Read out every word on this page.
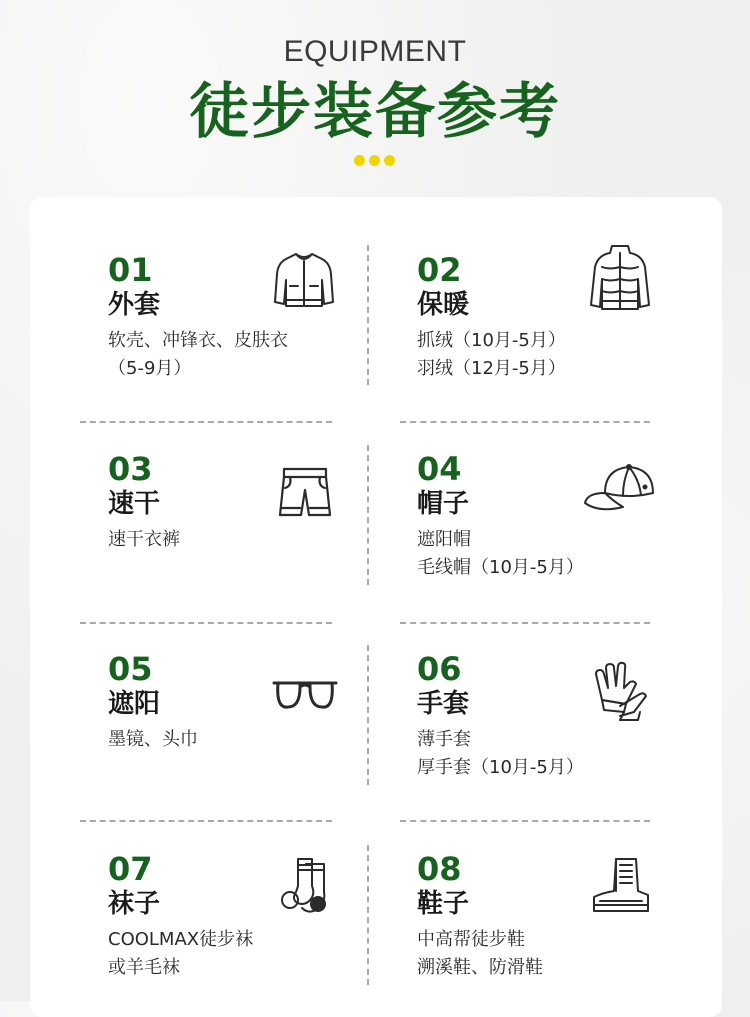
EQUIPMENT
徒步装备参考
01
外套
软壳、冲锋衣、皮肤衣
（5-9月）
02
保暖
抓绒（10月-5月）
羽绒（12月-5月）
03
速干
速干衣裤
04
帽子
遮阳帽
毛线帽（10月-5月）
05
遮阳
墨镜、头巾
06
手套
薄手套
厚手套（10月-5月）
07
袜子
COOLMAX徒步袜
或羊毛袜
08
鞋子
中高帮徒步鞋
溯溪鞋、防滑鞋
